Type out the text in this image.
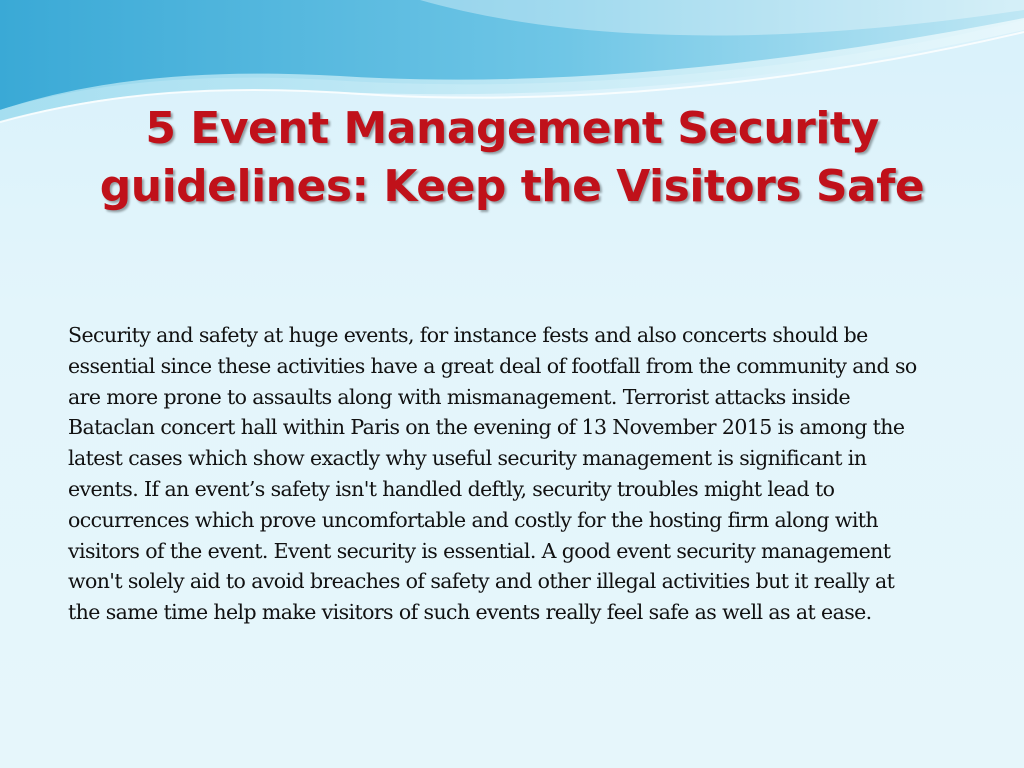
5 Event Management Security guidelines: Keep the Visitors Safe

Security and safety at huge events, for instance fests and also concerts should be essential since these activities have a great deal of footfall from the community and so are more prone to assaults along with mismanagement. Terrorist attacks inside Bataclan concert hall within Paris on the evening of 13 November 2015 is among the latest cases which show exactly why useful security management is significant in events. If an event’s safety isn't handled deftly, security troubles might lead to occurrences which prove uncomfortable and costly for the hosting firm along with visitors of the event. Event security is essential. A good event security management won't solely aid to avoid breaches of safety and other illegal activities but it really at the same time help make visitors of such events really feel safe as well as at ease.
